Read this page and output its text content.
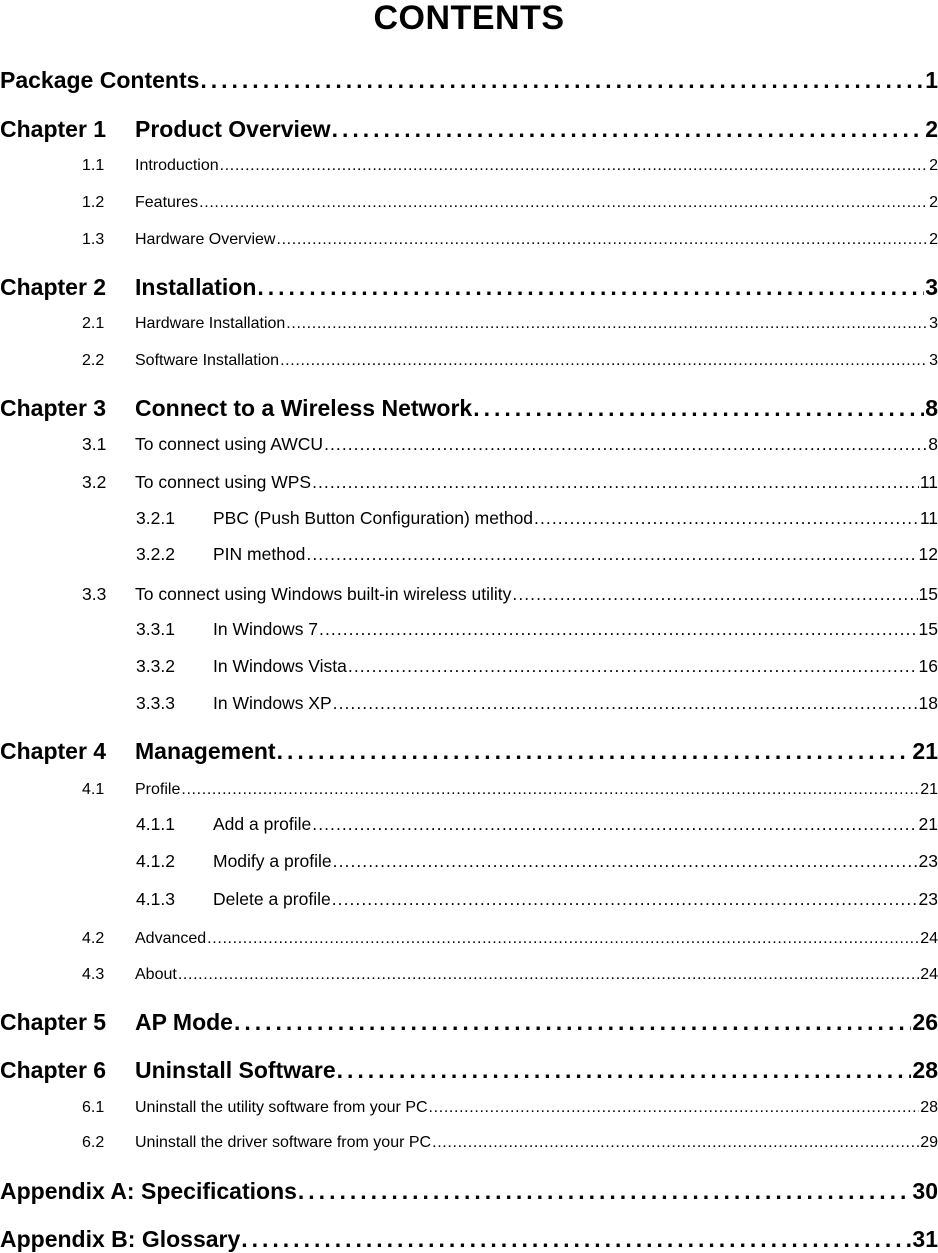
CONTENTS
Package Contents . . .	1
Chapter 1 Product Overview . . .	2
1.1 Introduction . . .	2
1.2 Features . . .	2
1.3 Hardware Overview . . .	2
Chapter 2 Installation . . .	3
2.1 Hardware Installation . . .	3
2.2 Software Installation . . .	3
Chapter 3 Connect to a Wireless Network . . .	8
3.1 To connect using AWCU . . .	8
3.2 To connect using WPS . . .	11
3.2.1 PBC (Push Button Configuration) method . . .	11
3.2.2 PIN method . . .	12
3.3 To connect using Windows built-in wireless utility . . .	15
3.3.1 In Windows 7 . . .	15
3.3.2 In Windows Vista . . .	16
3.3.3 In Windows XP . . .	18
Chapter 4 Management . . .	21
4.1 Profile . . .	21
4.1.1 Add a profile . . .	21
4.1.2 Modify a profile . . .	23
4.1.3 Delete a profile . . .	23
4.2 Advanced . . .	24
4.3 About . . .	24
Chapter 5 AP Mode . . .	26
Chapter 6 Uninstall Software . . .	28
6.1 Uninstall the utility software from your PC . . .	28
6.2 Uninstall the driver software from your PC . . .	29
Appendix A: Specifications . . .	30
Appendix B: Glossary . . .	31
